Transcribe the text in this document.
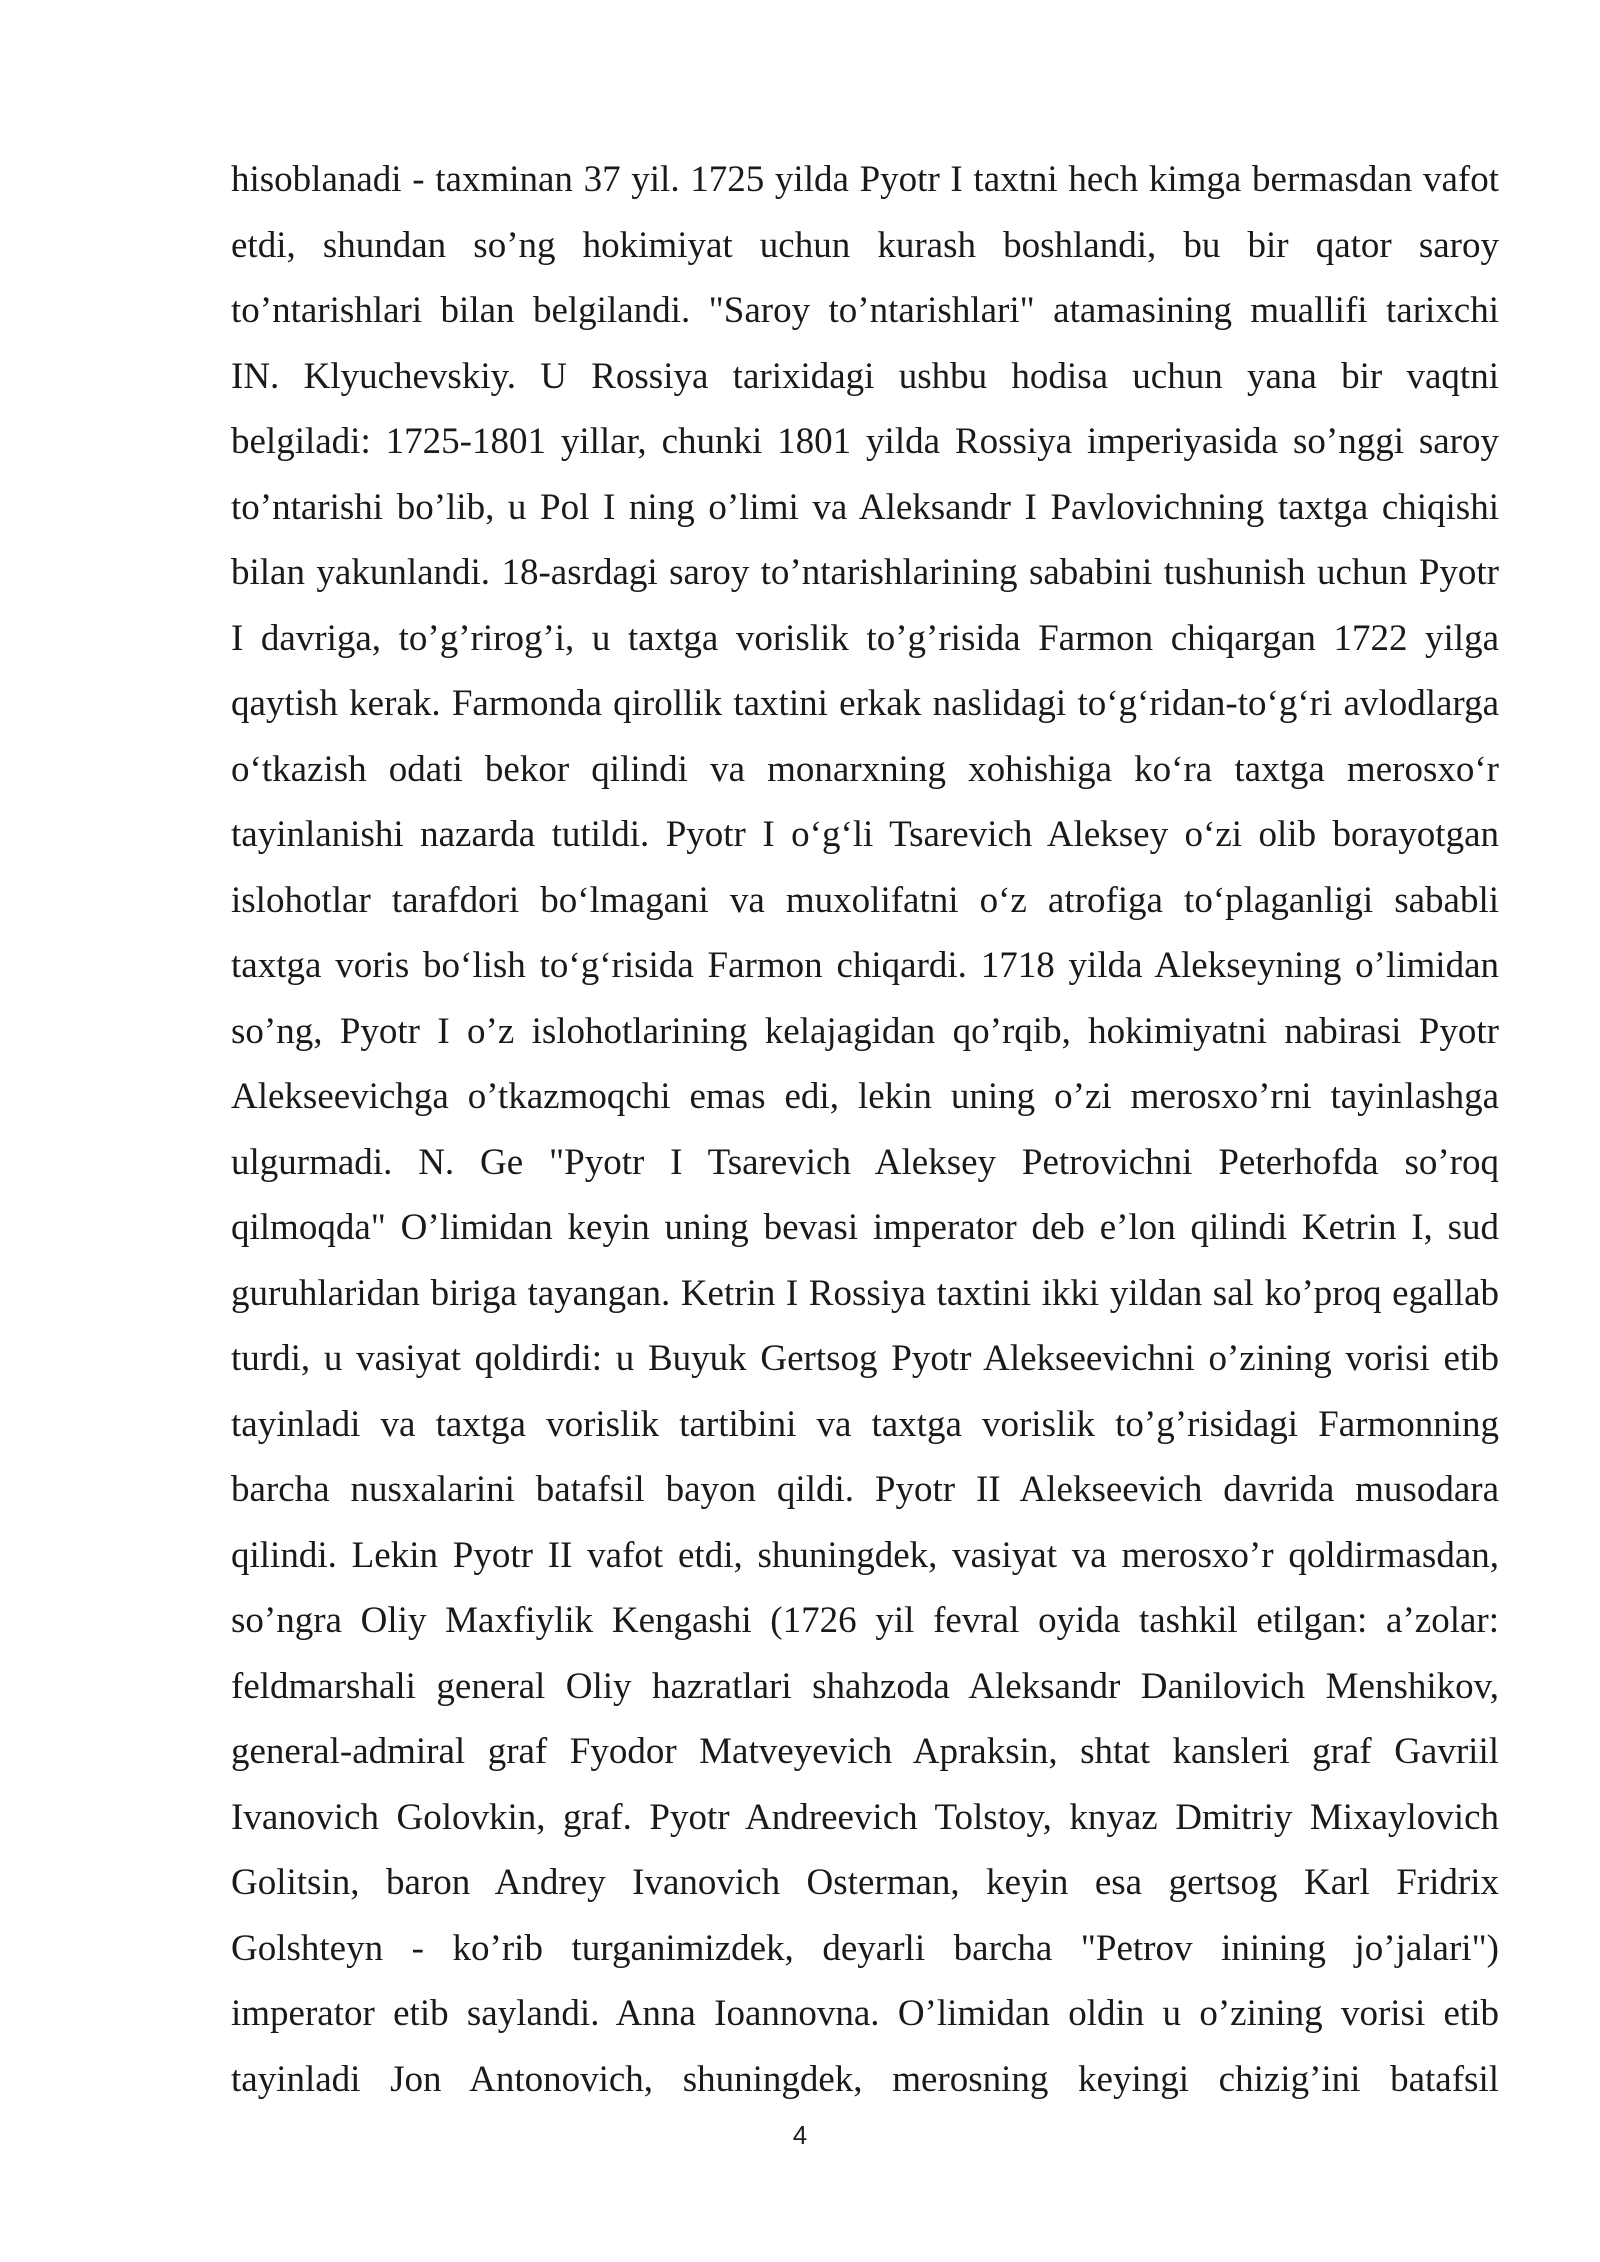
hisoblanadi - taxminan 37 yil. 1725 yilda Pyotr I taxtni hech kimga bermasdan vafot
etdi, shundan so’ng hokimiyat uchun kurash boshlandi, bu bir qator saroy
to’ntarishlari bilan belgilandi. "Saroy to’ntarishlari" atamasining muallifi tarixchi
IN. Klyuchevskiy. U Rossiya tarixidagi ushbu hodisa uchun yana bir vaqtni
belgiladi: 1725-1801 yillar, chunki 1801 yilda Rossiya imperiyasida so’nggi saroy
to’ntarishi bo’lib, u Pol I ning o’limi va Aleksandr I Pavlovichning taxtga chiqishi
bilan yakunlandi. 18-asrdagi saroy to’ntarishlarining sababini tushunish uchun Pyotr
I davriga, to’g’rirog’i, u taxtga vorislik to’g’risida Farmon chiqargan 1722 yilga
qaytish kerak. Farmonda qirollik taxtini erkak naslidagi to‘g‘ridan-to‘g‘ri avlodlarga
o‘tkazish odati bekor qilindi va monarxning xohishiga ko‘ra taxtga merosxo‘r
tayinlanishi nazarda tutildi. Pyotr I o‘g‘li Tsarevich Aleksey o‘zi olib borayotgan
islohotlar tarafdori bo‘lmagani va muxolifatni o‘z atrofiga to‘plaganligi sababli
taxtga voris bo‘lish to‘g‘risida Farmon chiqardi. 1718 yilda Alekseyning o’limidan
so’ng, Pyotr I o’z islohotlarining kelajagidan qo’rqib, hokimiyatni nabirasi Pyotr
Alekseevichga o’tkazmoqchi emas edi, lekin uning o’zi merosxo’rni tayinlashga
ulgurmadi. N. Ge "Pyotr I Tsarevich Aleksey Petrovichni Peterhofda so’roq
qilmoqda" O’limidan keyin uning bevasi imperator deb e’lon qilindi Ketrin I, sud
guruhlaridan biriga tayangan. Ketrin I Rossiya taxtini ikki yildan sal ko’proq egallab
turdi, u vasiyat qoldirdi: u Buyuk Gertsog Pyotr Alekseevichni o’zining vorisi etib
tayinladi va taxtga vorislik tartibini va taxtga vorislik to’g’risidagi Farmonning
barcha nusxalarini batafsil bayon qildi. Pyotr II Alekseevich davrida musodara
qilindi. Lekin Pyotr II vafot etdi, shuningdek, vasiyat va merosxo’r qoldirmasdan,
so’ngra Oliy Maxfiylik Kengashi (1726 yil fevral oyida tashkil etilgan: a’zolar:
feldmarshali general Oliy hazratlari shahzoda Aleksandr Danilovich Menshikov,
general-admiral graf Fyodor Matveyevich Apraksin, shtat kansleri graf Gavriil
Ivanovich Golovkin, graf. Pyotr Andreevich Tolstoy, knyaz Dmitriy Mixaylovich
Golitsin, baron Andrey Ivanovich Osterman, keyin esa gertsog Karl Fridrix
Golshteyn - ko’rib turganimizdek, deyarli barcha "Petrov inining jo’jalari")
imperator etib saylandi. Anna Ioannovna. O’limidan oldin u o’zining vorisi etib
tayinladi Jon Antonovich, shuningdek, merosning keyingi chizig’ini batafsil
4
